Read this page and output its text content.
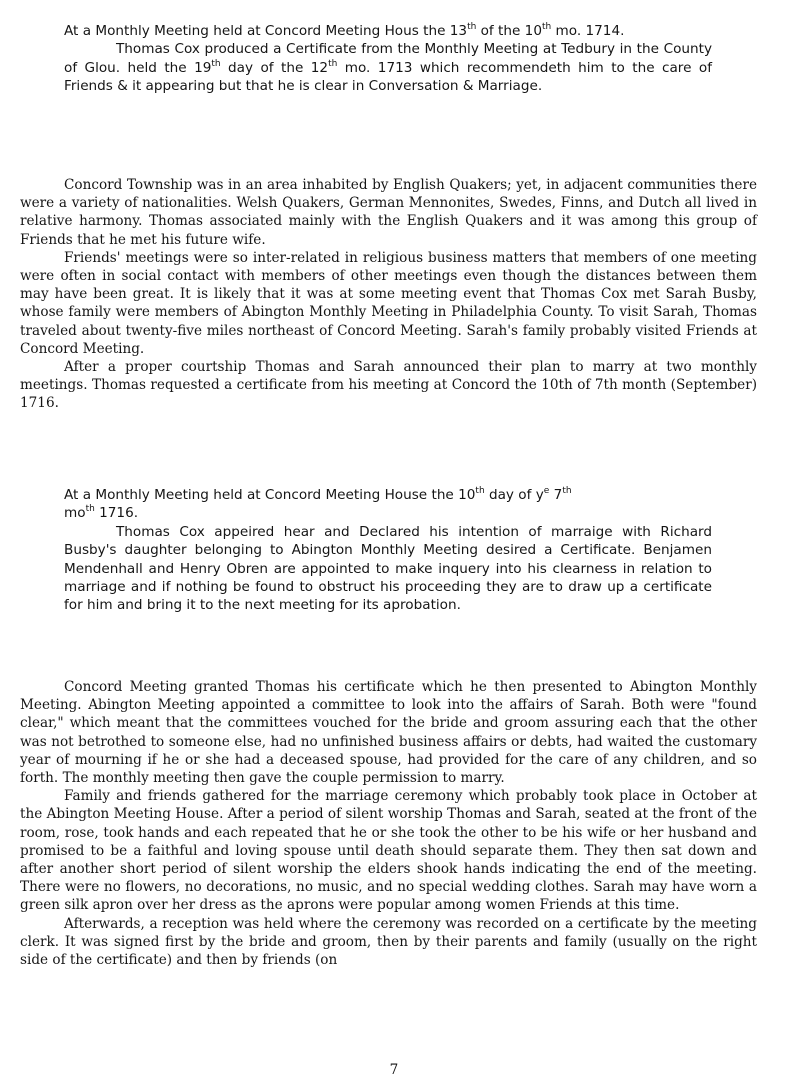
At a Monthly Meeting held at Concord Meeting Hous the 13th of the 10th mo. 1714.

Thomas Cox produced a Certificate from the Monthly Meeting at Tedbury in the County of Glou. held the 19th day of the 12th mo. 1713 which recommendeth him to the care of Friends & it appearing but that he is clear in Conversation & Marriage.

Concord Township was in an area inhabited by English Quakers; yet, in adjacent communities there were a variety of nationalities. Welsh Quakers, German Mennonites, Swedes, Finns, and Dutch all lived in relative harmony. Thomas associated mainly with the English Quakers and it was among this group of Friends that he met his future wife.

Friends' meetings were so inter-related in religious business matters that members of one meeting were often in social contact with members of other meetings even though the distances between them may have been great. It is likely that it was at some meeting event that Thomas Cox met Sarah Busby, whose family were members of Abington Monthly Meeting in Philadelphia County. To visit Sarah, Thomas traveled about twenty-five miles northeast of Concord Meeting. Sarah's family probably visited Friends at Concord Meeting.

After a proper courtship Thomas and Sarah announced their plan to marry at two monthly meetings. Thomas requested a certificate from his meeting at Concord the 10th of 7th month (September) 1716.

At a Monthly Meeting held at Concord Meeting House the 10th day of $y^e$ 7th
$mo^{th}$ 1716.

Thomas Cox appeired hear and Declared his intention of marraige with Richard Busby's daughter belonging to Abington Monthly Meeting desired a Certificate. Benjamen Mendenhall and Henry Obren are appointed to make inquery into his clearness in relation to marriage and if nothing be found to obstruct his proceeding they are to draw up a certificate for him and bring it to the next meeting for its aprobation.

Concord Meeting granted Thomas his certificate which he then presented to Abington Monthly Meeting. Abington Meeting appointed a committee to look into the affairs of Sarah. Both were "found clear," which meant that the committees vouched for the bride and groom assuring each that the other was not betrothed to someone else, had no unfinished business affairs or debts, had waited the customary year of mourning if he or she had a deceased spouse, had provided for the care of any children, and so forth. The monthly meeting then gave the couple permission to marry.

Family and friends gathered for the marriage ceremony which probably took place in October at the Abington Meeting House. After a period of silent worship Thomas and Sarah, seated at the front of the room, rose, took hands and each repeated that he or she took the other to be his wife or her husband and promised to be a faithful and loving spouse until death should separate them. They then sat down and after another short period of silent worship the elders shook hands indicating the end of the meeting. There were no flowers, no decorations, no music, and no special wedding clothes. Sarah may have worn a green silk apron over her dress as the aprons were popular among women Friends at this time.

Afterwards, a reception was held where the ceremony was recorded on a certificate by the meeting clerk. It was signed first by the bride and groom, then by their parents and family (usually on the right side of the certificate) and then by friends (on

7
